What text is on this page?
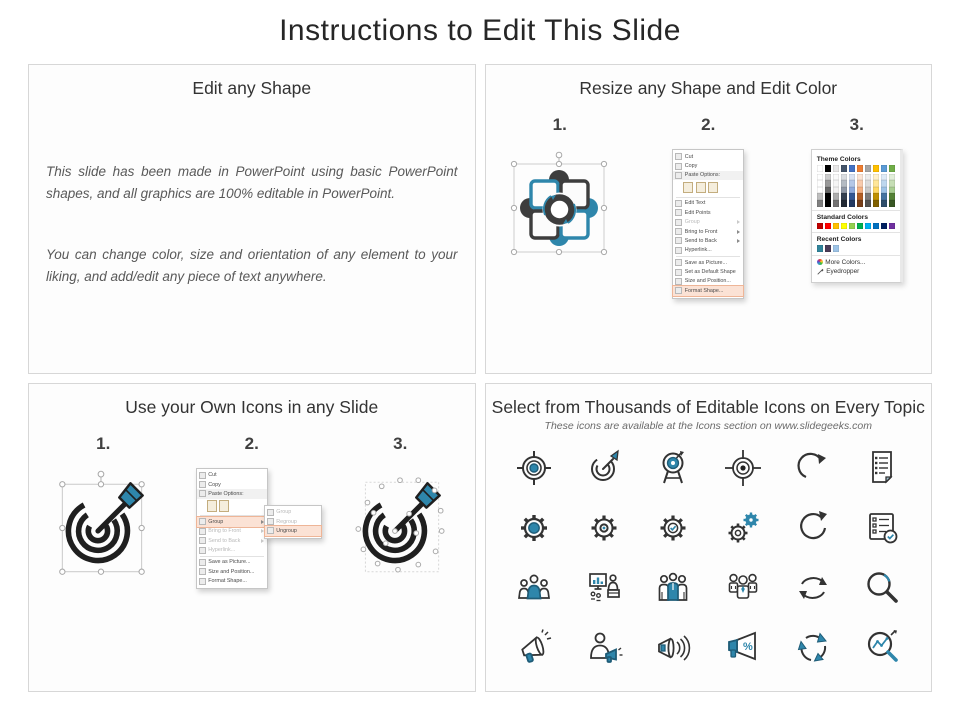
Instructions to Edit This Slide
Edit any Shape

This slide has been made in PowerPoint using basic PowerPoint shapes, and all graphics are 100% editable in PowerPoint.

You can change color, size and orientation of any element to your liking, and add/edit any piece of text anywhere.

Resize any Shape and Edit Color
1.	2.
Cut
Copy
Paste Options:
Edit Text
Edit Points
Group
Bring to Front
Send to Back
Hyperlink...
Save as Picture...
Set as Default Shape
Size and Position...
Format Shape...
3.
Theme Colors
Standard Colors
Recent Colors
More Colors...
Eyedropper
Use your Own Icons in any Slide
1.	2.
Cut
Copy
Paste Options:
Group
Bring to Front
Send to Back
Hyperlink...
Save as Picture...
Size and Position...
Format Shape...
Group
Regroup
Ungroup
3.
Select from Thousands of Editable Icons on Every Topic
These icons are available at the Icons section on www.slidegeeks.com
%
